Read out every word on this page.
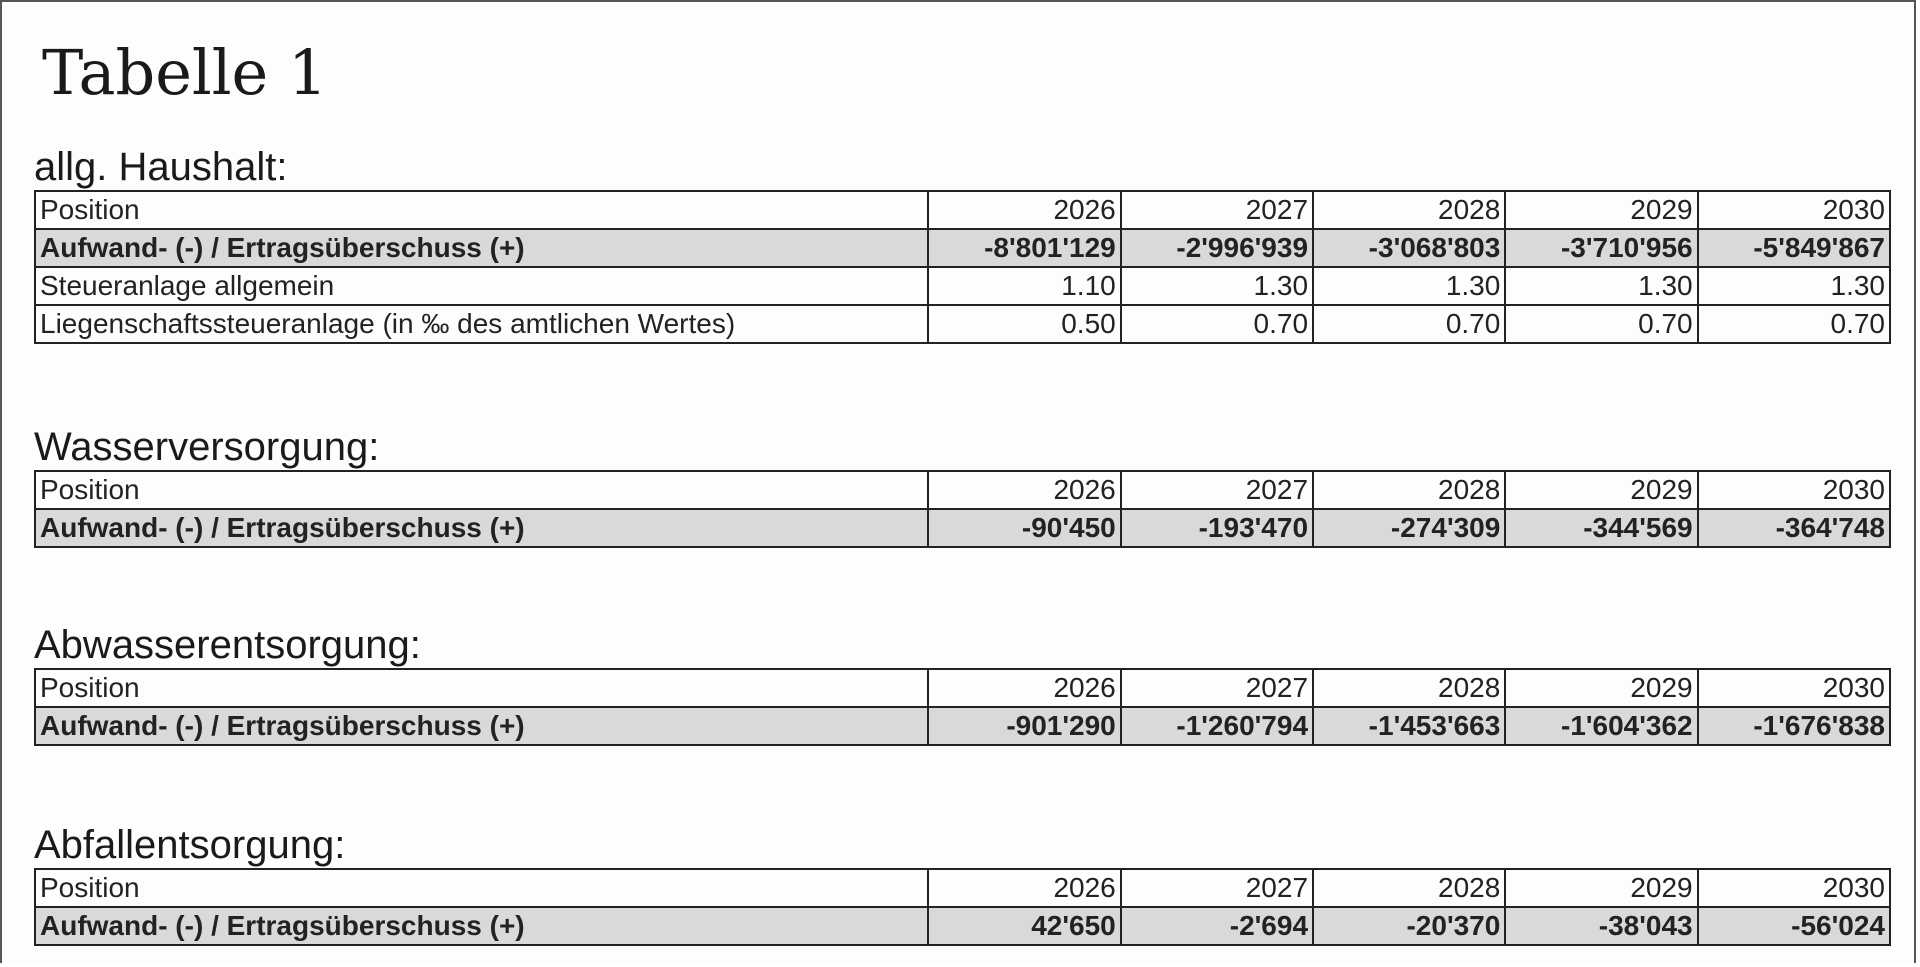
Tabelle 1
allg. Haushalt:
Position	2026	2027	2028	2029	2030
Aufwand- (-) / Ertragsüberschuss (+)	-8'801'129	-2'996'939	-3'068'803	-3'710'956	-5'849'867
Steueranlage allgemein	1.10	1.30	1.30	1.30	1.30
Liegenschaftssteueranlage (in ‰ des amtlichen Wertes)	0.50	0.70	0.70	0.70	0.70
Wasserversorgung:
Position	2026	2027	2028	2029	2030
Aufwand- (-) / Ertragsüberschuss (+)	-90'450	-193'470	-274'309	-344'569	-364'748
Abwasserentsorgung:
Position	2026	2027	2028	2029	2030
Aufwand- (-) / Ertragsüberschuss (+)	-901'290	-1'260'794	-1'453'663	-1'604'362	-1'676'838
Abfallentsorgung:
Position	2026	2027	2028	2029	2030
Aufwand- (-) / Ertragsüberschuss (+)	42'650	-2'694	-20'370	-38'043	-56'024
